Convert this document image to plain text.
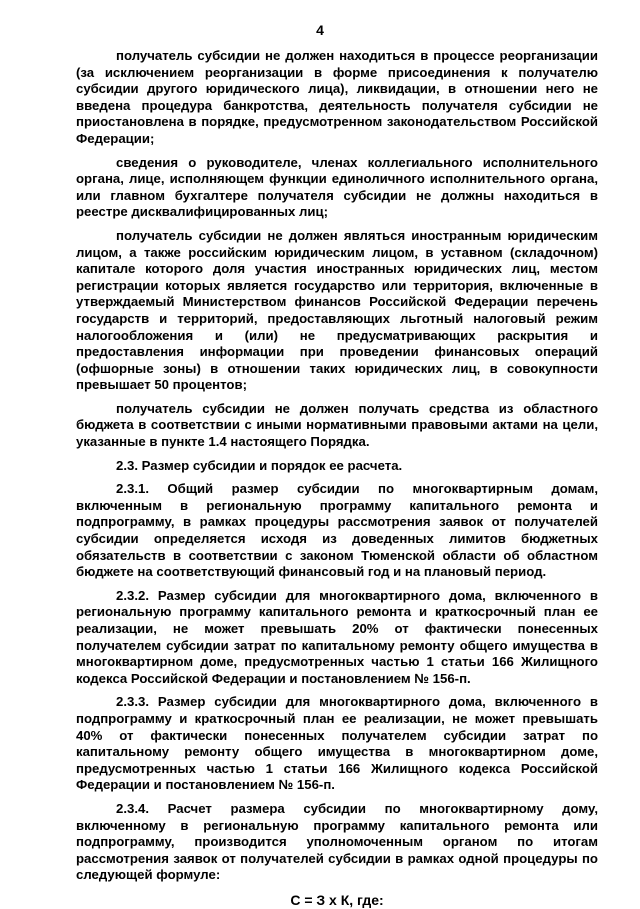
4

получатель субсидии не должен находиться в процессе реорганизации (за исключением реорганизации в форме присоединения к получателю субсидии другого юридического лица), ликвидации, в отношении него не введена процедура банкротства, деятельность получателя субсидии не приостановлена в порядке, предусмотренном законодательством Российской Федерации;

сведения о руководителе, членах коллегиального исполнительного органа, лице, исполняющем функции единоличного исполнительного органа, или главном бухгалтере получателя субсидии не должны находиться в реестре дисквалифицированных лиц;

получатель субсидии не должен являться иностранным юридическим лицом, а также российским юридическим лицом, в уставном (складочном) капитале которого доля участия иностранных юридических лиц, местом регистрации которых является государство или территория, включенные в утверждаемый Министерством финансов Российской Федерации перечень государств и территорий, предоставляющих льготный налоговый режим налогообложения и (или) не предусматривающих раскрытия и предоставления информации при проведении финансовых операций (офшорные зоны) в отношении таких юридических лиц, в совокупности превышает 50 процентов;

получатель субсидии не должен получать средства из областного бюджета в соответствии с иными нормативными правовыми актами на цели, указанные в пункте 1.4 настоящего Порядка.

2.3. Размер субсидии и порядок ее расчета.

2.3.1. Общий размер субсидии по многоквартирным домам, включенным в региональную программу капитального ремонта и подпрограмму, в рамках процедуры рассмотрения заявок от получателей субсидии определяется исходя из доведенных лимитов бюджетных обязательств в соответствии с законом Тюменской области об областном бюджете на соответствующий финансовый год и на плановый период.

2.3.2. Размер субсидии для многоквартирного дома, включенного в региональную программу капитального ремонта и краткосрочный план ее реализации, не может превышать 20% от фактически понесенных получателем субсидии затрат по капитальному ремонту общего имущества в многоквартирном доме, предусмотренных частью 1 статьи 166 Жилищного кодекса Российской Федерации и постановлением № 156-п.

2.3.3. Размер субсидии для многоквартирного дома, включенного в подпрограмму и краткосрочный план ее реализации, не может превышать 40% от фактически понесенных получателем субсидии затрат по капитальному ремонту общего имущества в многоквартирном доме, предусмотренных частью 1 статьи 166 Жилищного кодекса Российской Федерации и постановлением № 156-п.

2.3.4. Расчет размера субсидии по многоквартирному дому, включенному в региональную программу капитального ремонта или подпрограмму, производится уполномоченным органом по итогам рассмотрения заявок от получателей субсидии в рамках одной процедуры по следующей формуле:

С = З х К, где:
